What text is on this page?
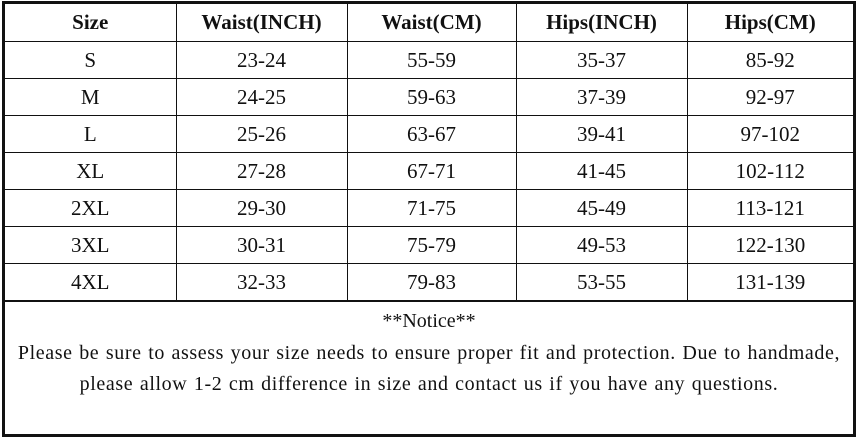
Size	Waist(INCH)	Waist(CM)	Hips(INCH)	Hips(CM)
S	23-24	55-59	35-37	85-92
M	24-25	59-63	37-39	92-97
L	25-26	63-67	39-41	97-102
XL	27-28	67-71	41-45	102-112
2XL	29-30	71-75	45-49	113-121
3XL	30-31	75-79	49-53	122-130
4XL	32-33	79-83	53-55	131-139

**Notice**

Please be sure to assess your size needs to ensure proper fit and protection. Due to handmade, please allow 1-2 cm difference in size and contact us if you have any questions.
